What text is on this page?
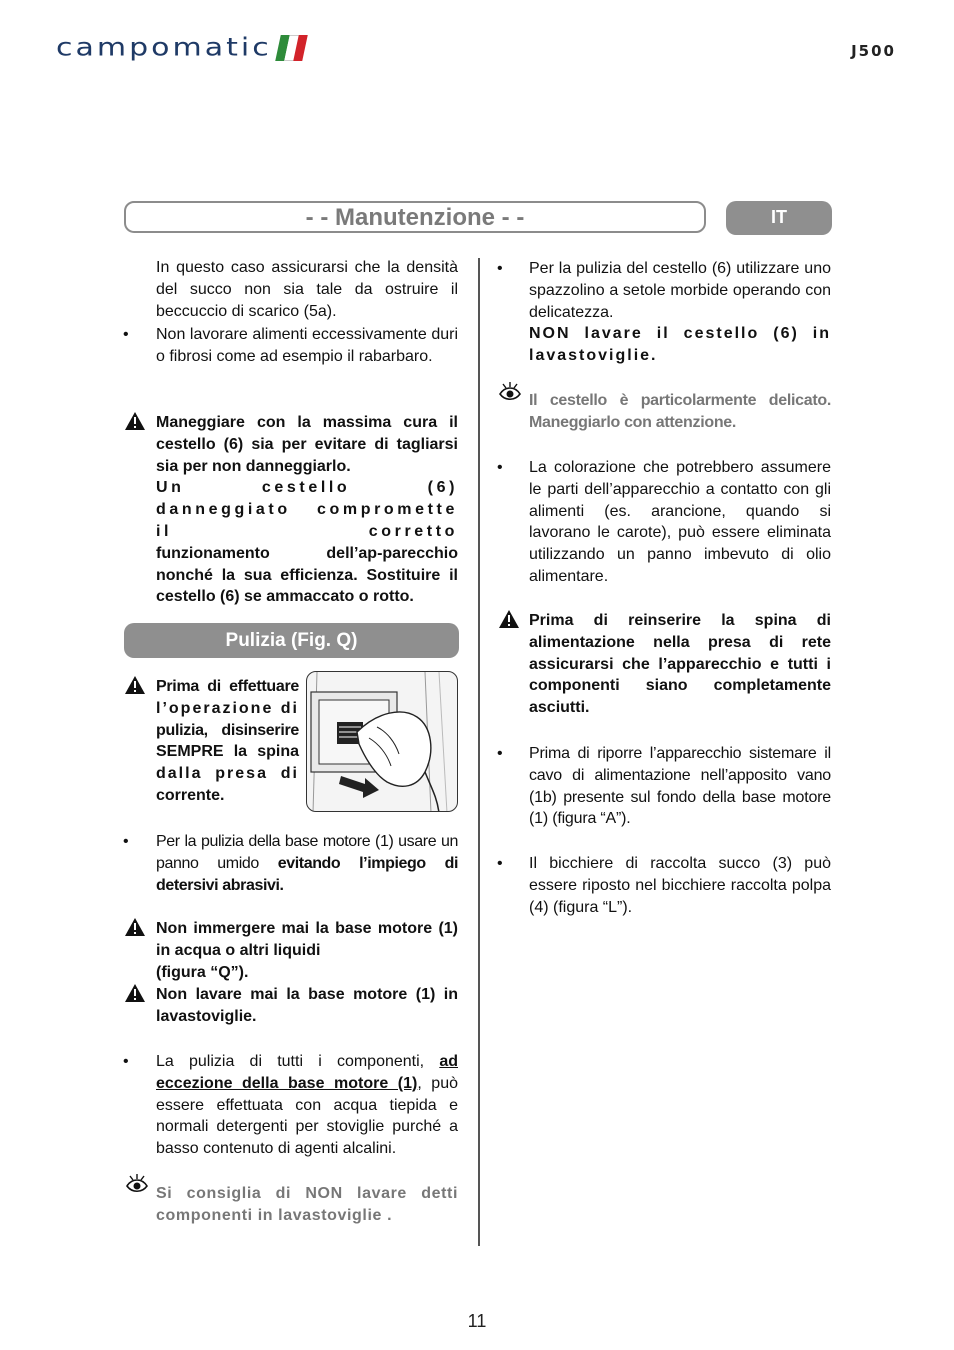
campomatic	J500
- - Manutenzione - -	IT
In questo caso assicurarsi che la densità del succo non sia tale da ostruire il beccuccio di scarico (5a).
• Non lavorare alimenti eccessivamente duri o fibrosi come ad esempio il rabarbaro.
Maneggiare con la massima cura il cestello (6) sia per evitare di tagliarsi sia per non danneggiarlo.

Un cestello (6) danneggiato compromette il corretto
funzionamento dell’ap-parecchio nonché la sua efficienza. Sostituire il cestello (6) se ammaccato o rotto.
Pulizia (Fig. Q)
Prima di effettuare
l’operazione di
pulizia, disinserire
SEMPRE la spina
dalla presa di
corrente.
• Per la pulizia della base motore (1) usare un panno umido evitando l’impiego di detersivi abrasivi.
Non immergere mai la base motore (1) in acqua o altri liquidi
(figura “Q”).
Non lavare mai la base motore (1) in lavastoviglie.
• La pulizia di tutti i componenti, ad eccezione della base motore (1), può essere effettuata con acqua tiepida e normali detergenti per stoviglie purché a basso contenuto di agenti alcalini.
Si consiglia di NON lavare detti componenti in lavastoviglie .
• Per la pulizia del cestello (6) utilizzare uno spazzolino a setole morbide operando con delicatezza.
NON lavare il cestello (6) in lavastoviglie.
Il cestello è particolarmente delicato. Maneggiarlo con attenzione.
• La colorazione che potrebbero assumere le parti dell’apparecchio a contatto con gli alimenti (es. arancione, quando si lavorano le carote), può essere eliminata utilizzando un panno imbevuto di olio alimentare.
Prima di reinserire la spina di alimentazione nella presa di rete assicurarsi che l’apparecchio e tutti i componenti siano completamente asciutti.
• Prima di riporre l’apparecchio sistemare il cavo di alimentazione nell’apposito vano (1b) presente sul fondo della base motore (1) (figura “A”).
• Il bicchiere di raccolta succo (3) può essere riposto nel bicchiere raccolta polpa (4) (figura “L”).
11
